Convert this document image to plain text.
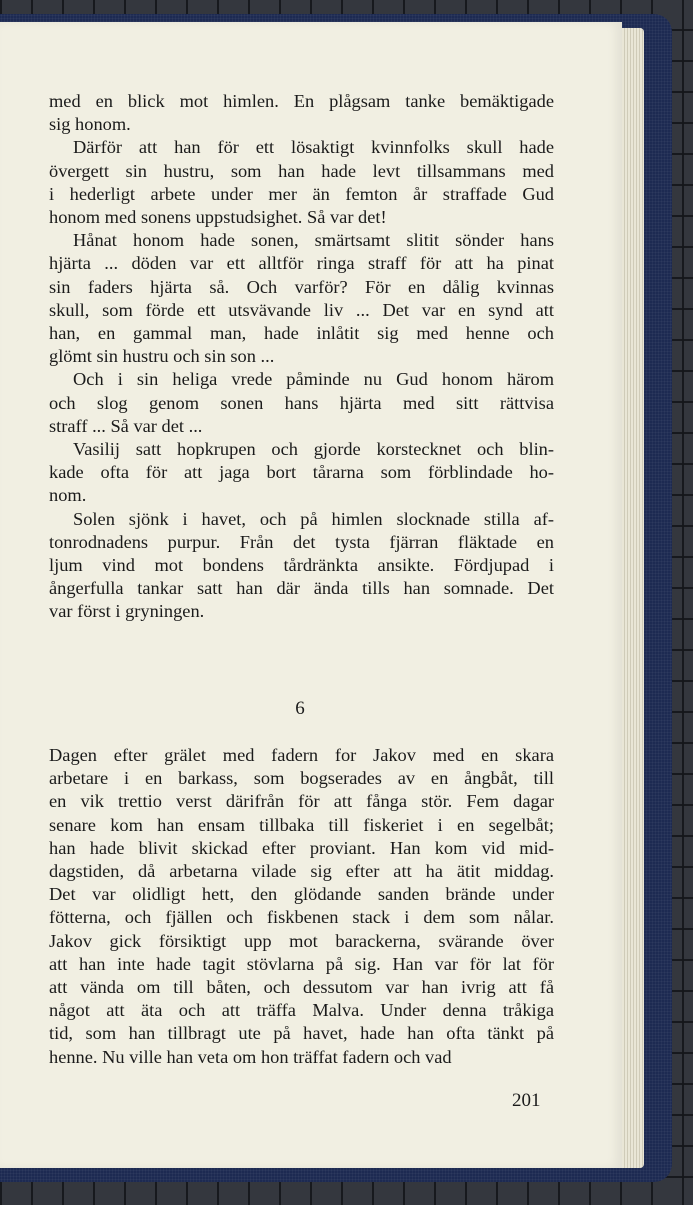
med en blick mot himlen. En plågsam tanke bemäktigade
sig honom.
Därför att han för ett lösaktigt kvinnfolks skull hade
övergett sin hustru, som han hade levt tillsammans med
i hederligt arbete under mer än femton år straffade Gud
honom med sonens uppstudsighet. Så var det!
Hånat honom hade sonen, smärtsamt slitit sönder hans
hjärta ... döden var ett alltför ringa straff för att ha pinat
sin faders hjärta så. Och varför? För en dålig kvinnas
skull, som förde ett utsvävande liv ... Det var en synd att
han, en gammal man, hade inlåtit sig med henne och
glömt sin hustru och sin son ...
Och i sin heliga vrede påminde nu Gud honom härom
och slog genom sonen hans hjärta med sitt rättvisa
straff ... Så var det ...
Vasilij satt hopkrupen och gjorde korstecknet och blin-
kade ofta för att jaga bort tårarna som förblindade ho-
nom.
Solen sjönk i havet, och på himlen slocknade stilla af-
tonrodnadens purpur. Från det tysta fjärran fläktade en
ljum vind mot bondens tårdränkta ansikte. Fördjupad i
ångerfulla tankar satt han där ända tills han somnade. Det
var först i gryningen.
6
Dagen efter grälet med fadern for Jakov med en skara
arbetare i en barkass, som bogserades av en ångbåt, till
en vik trettio verst därifrån för att fånga stör. Fem dagar
senare kom han ensam tillbaka till fiskeriet i en segelbåt;
han hade blivit skickad efter proviant. Han kom vid mid-
dagstiden, då arbetarna vilade sig efter att ha ätit middag.
Det var olidligt hett, den glödande sanden brände under
fötterna, och fjällen och fiskbenen stack i dem som nålar.
Jakov gick försiktigt upp mot barackerna, svärande över
att han inte hade tagit stövlarna på sig. Han var för lat för
att vända om till båten, och dessutom var han ivrig att få
något att äta och att träffa Malva. Under denna tråkiga
tid, som han tillbragt ute på havet, hade han ofta tänkt på
henne. Nu ville han veta om hon träffat fadern och vad
201
